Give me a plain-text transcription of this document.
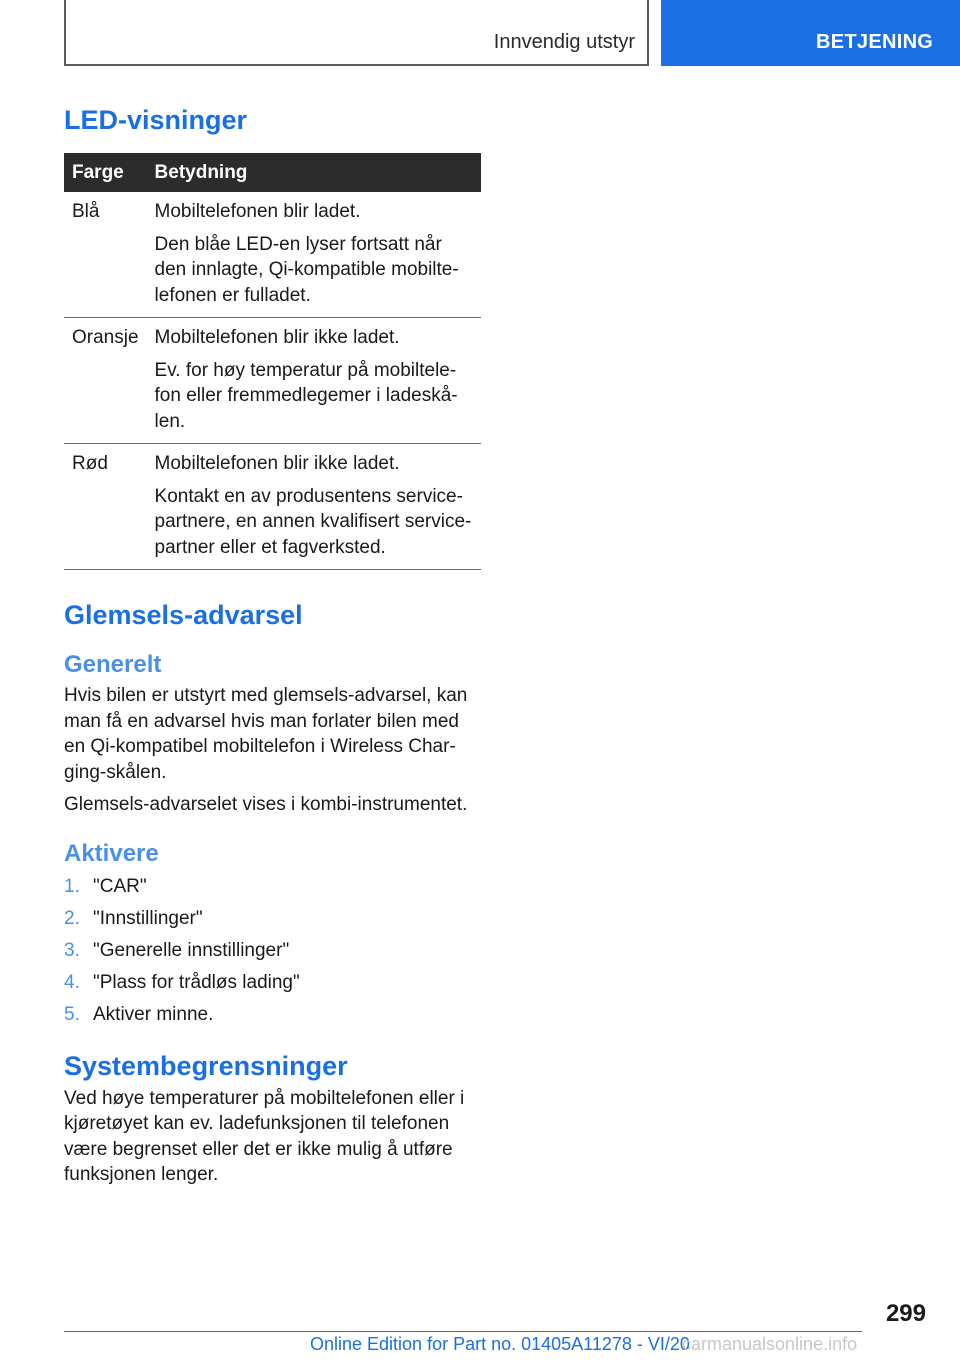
Innvendig utstyr	BETJENING
LED-visninger
Farge	Betydning
Blå	Mobiltelefonen blir ladet.
Den blåe LED-en lyser fortsatt når den innlagte, Qi-kompatible mobilte-lefonen er fulladet.

Oransje	Mobiltelefonen blir ikke ladet.
Ev. for høy temperatur på mobiltele-fon eller fremmedlegemer i ladeskå-len.

Rød	Mobiltelefonen blir ikke ladet.
Kontakt en av produsentens service-partnere, en annen kvalifisert service-partner eller et fagverksted.
Glemsels-advarsel
Generelt

Hvis bilen er utstyrt med glemsels-advarsel, kan man få en advarsel hvis man forlater bilen med en Qi-kompatibel mobiltelefon i Wireless Char-ging-skålen.

Glemsels-advarselet vises i kombi-instrumentet.

Aktivere
1. "CAR"
2. "Innstillinger"
3. "Generelle innstillinger"
4. "Plass for trådløs lading"
5. Aktiver minne.
Systembegrensninger

Ved høye temperaturer på mobiltelefonen eller i kjøretøyet kan ev. ladefunksjonen til telefonen være begrenset eller det er ikke mulig å utføre funksjonen lenger.

299
Online Edition for Part no. 01405A11278 - VI/20
carmanualsonline.info
